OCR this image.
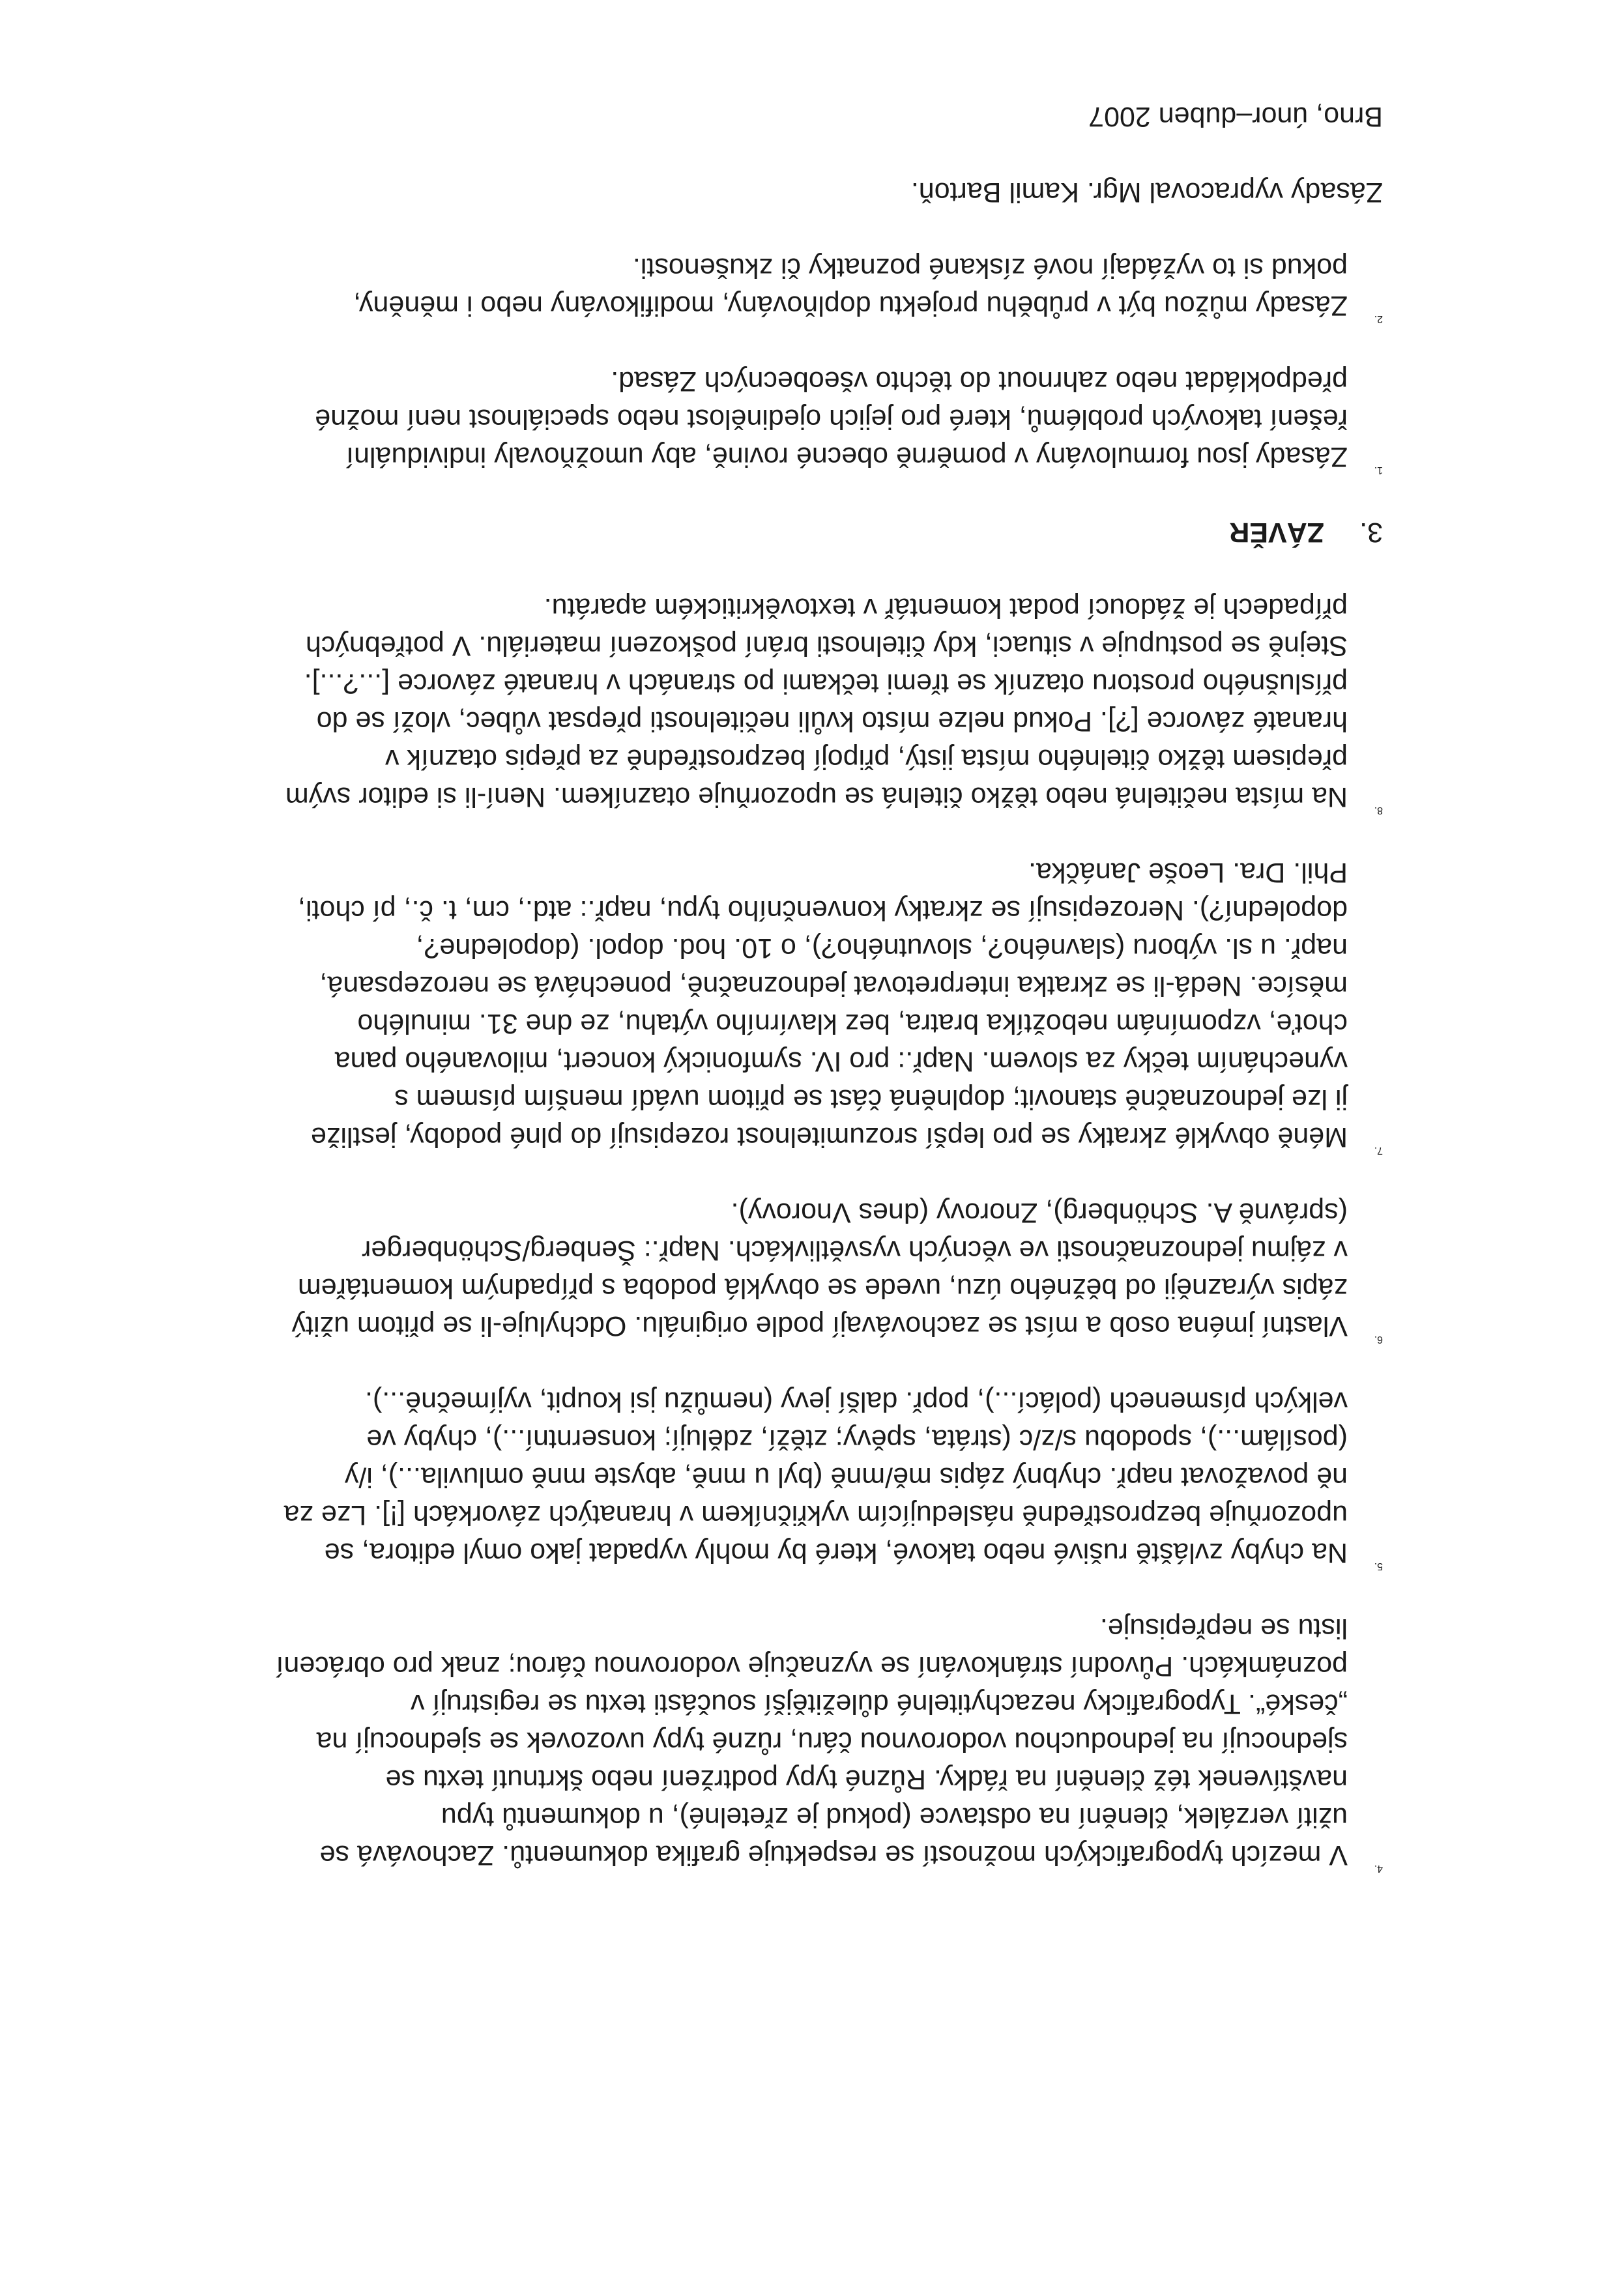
4.
V mezích typografických možností se respektuje grafika dokumentů. Zachovává se
užití verzálek, členění na odstavce (pokud je zřetelné), u dokumentů typu
navštívenek též členění na řádky. Různé typy podtržení nebo škrtnutí textu se
sjednocují na jednoduchou vodorovnou čáru, různé typy uvozovek se sjednocují na
„české“. Typograficky nezachytitelné důležitější součásti textu se registrují v
poznámkách. Původní stránkování se vyznačuje vodorovnou čárou; znak pro obrácení
listu se nepřepisuje.
5.
Na chyby zvláště rušivé nebo takové, které by mohly vypadat jako omyl editora, se
upozorňuje bezprostředně následujícím vykřičníkem v hranatých závorkách [!]. Lze za
ně považovat např. chybný zápis mě/mně (byl u mně, abyste mně omluvila...), i/y
(posílám...), spodobu s/z/c (stráta, spěvy; ztěží, zdělují; konserntní...), chyby ve
velkých písmenech (polácí...), popř. další jevy (nemůžu jsi koupit, vyjímečně...).
6.
Vlastní jména osob a míst se zachovávají podle originálu. Odchyluje-li se přitom užitý
zápis výrazněji od běžného úzu, uvede se obvyklá podoba s případným komentářem
v zájmu jednoznačnosti ve věcných vysvětlivkách. Např.: Šenberg/Schönberger
(správně A. Schönberg), Znorovy (dnes Vnorovy).
7.
Méně obvyklé zkratky se pro lepší srozumitelnost rozepisují do plné podoby, jestliže
ji lze jednoznačně stanovit; doplněná část se přitom uvádí menším písmem s
vynecháním tečky za slovem. Např.: pro IV. symfonický koncert, milovaného pana
choťe, vzpomínám nebožtíka bratra, bez klavírního výtahu, ze dne 31. minulého
měsíce. Nedá-li se zkratka interpretovat jednoznačně, ponechává se nerozepsaná,
např. u sl. výboru (slavného?, slovutného?), o 10. hod. dopol. (dopoledne?,
dopolední?). Nerozepisují se zkratky konvenčního typu, např.: atd., cm, t. č., pí choti,
Phil. Dra. Leoše Janáčka.
8.
Na místa nečitelná nebo těžko čitelná se upozorňuje otazníkem. Není-li si editor svým
přepisem těžko čitelného místa jistý, připojí bezprostředně za přepis otazník v
hranaté závorce [?]. Pokud nelze místo kvůli nečitelnosti přepsat vůbec, vloží se do
příslušného prostoru otazník se třemi tečkami po stranách v hranaté závorce [...?...].
Stejně se postupuje v situaci, kdy čitelnosti brání poškození materiálu. V potřebných
případech je žádoucí podat komentář v textověkritickém aparátu.
3.ZÁVĚR
1.
Zásady jsou formulovány v poměrně obecné rovině, aby umožňovaly individuální
řešení takových problémů, které pro jejich ojedinělost nebo speciálnost není možné
předpokládat nebo zahrnout do těchto všeobecných Zásad.
2.
Zásady můžou být v průběhu projektu doplňovány, modifikovány nebo i měněny,
pokud si to vyžádají nové získané poznatky či zkušenosti.
Zásady vypracoval Mgr. Kamil Bartoň.
Brno, únor–duben 2007
